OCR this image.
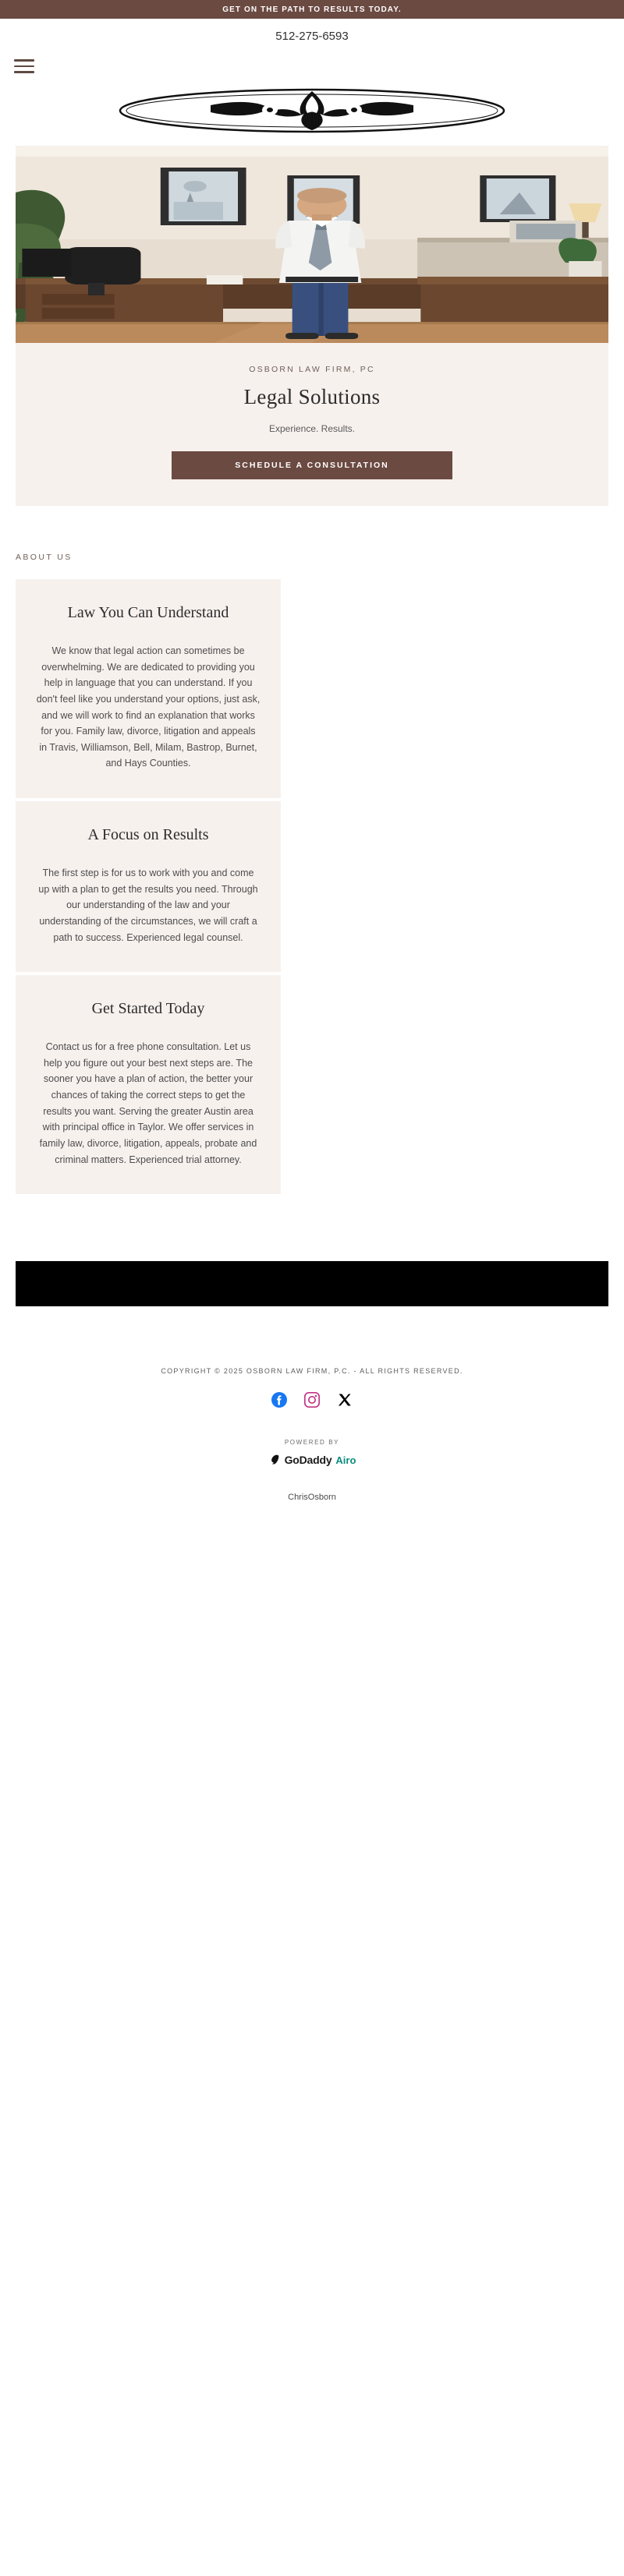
GET ON THE PATH TO RESULTS TODAY.
512-275-6593
OSBORN LAW FIRM, PC
Legal Solutions
Experience. Results.
SCHEDULE A CONSULTATION
ABOUT US
Law You Can Understand

We know that legal action can sometimes be overwhelming. We are dedicated to providing you help in language that you can understand. If you don't feel like you understand your options, just ask, and we will work to find an explanation that works for you. Family law, divorce, litigation and appeals in Travis, Williamson, Bell, Milam, Bastrop, Burnet, and Hays Counties.

A Focus on Results

The first step is for us to work with you and come up with a plan to get the results you need. Through our understanding of the law and your understanding of the circumstances, we will craft a path to success. Experienced legal counsel.

Get Started Today

Contact us for a free phone consultation. Let us help you figure out your best next steps are. The sooner you have a plan of action, the better your chances of taking the correct steps to get the results you want. Serving the greater Austin area with principal office in Taylor. We offer services in family law, divorce, litigation, appeals, probate and criminal matters. Experienced trial attorney.

COPYRIGHT © 2025 OSBORN LAW FIRM, P.C. - ALL RIGHTS RESERVED.
POWERED BY
GoDaddy Airo
ChrisOsborn
